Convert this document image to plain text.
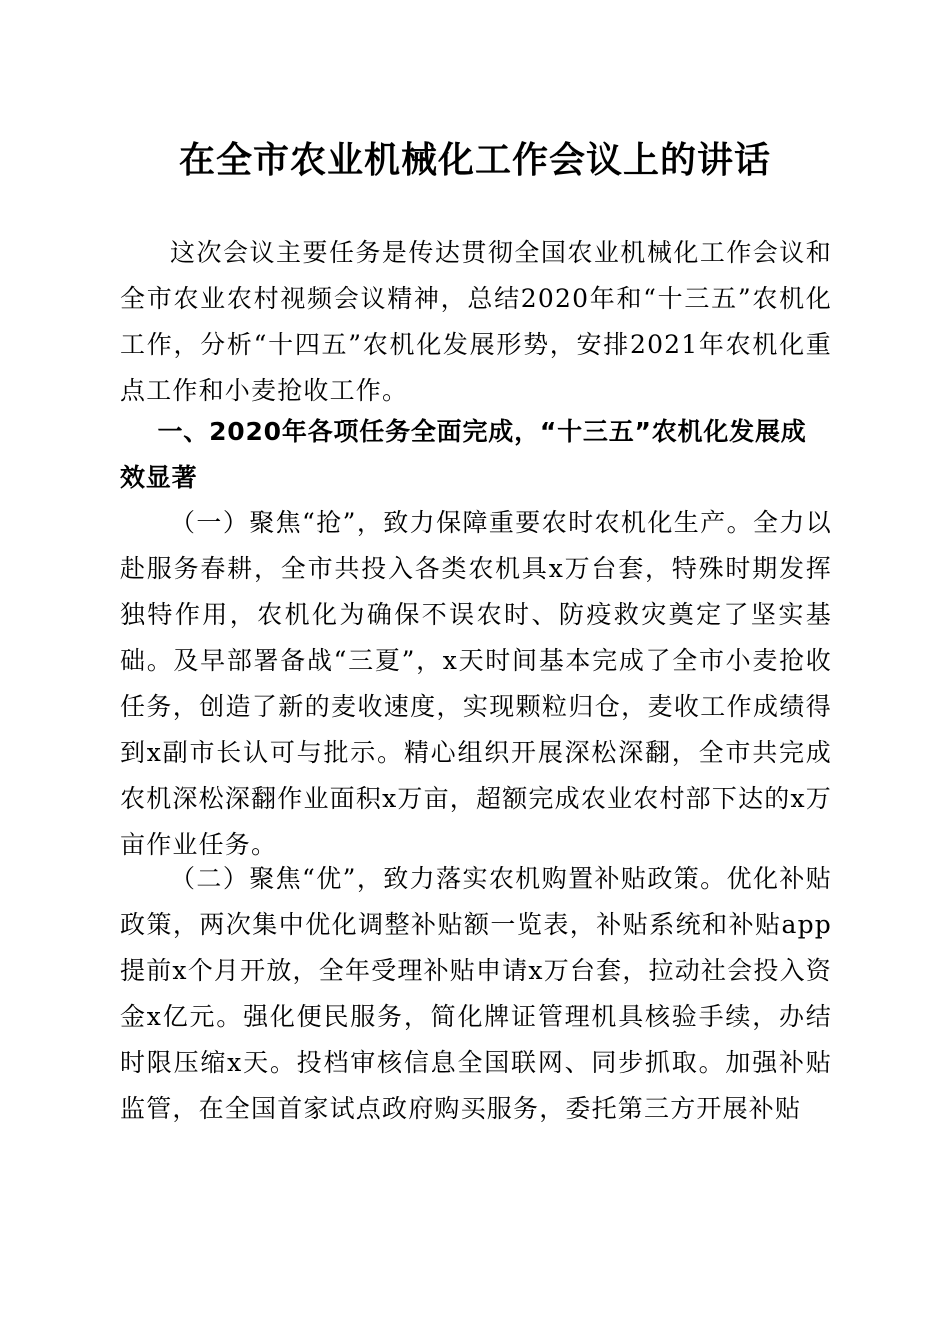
在全市农业机械化工作会议上的讲话

这次会议主要任务是传达贯彻全国农业机械化工作会议和全市农业农村视频会议精神，总结2020年和“十三五”农机化工作，分析“十四五”农机化发展形势，安排2021年农机化重点工作和小麦抢收工作。

一、2020年各项任务全面完成，“十三五”农机化发展成效显著

（一）聚焦“抢”，致力保障重要农时农机化生产。全力以赴服务春耕，全市共投入各类农机具x万台套，特殊时期发挥独特作用，农机化为确保不误农时、防疫救灾奠定了坚实基础。及早部署备战“三夏”，x天时间基本完成了全市小麦抢收任务，创造了新的麦收速度，实现颗粒归仓，麦收工作成绩得到x副市长认可与批示。精心组织开展深松深翻，全市共完成农机深松深翻作业面积x万亩，超额完成农业农村部下达的x万亩作业任务。

（二）聚焦“优”，致力落实农机购置补贴政策。优化补贴政策，两次集中优化调整补贴额一览表，补贴系统和补贴app提前x个月开放，全年受理补贴申请x万台套，拉动社会投入资金x亿元。强化便民服务，简化牌证管理机具核验手续，办结时限压缩x天。投档审核信息全国联网、同步抓取。加强补贴监管，在全国首家试点政府购买服务，委托第三方开展补贴
